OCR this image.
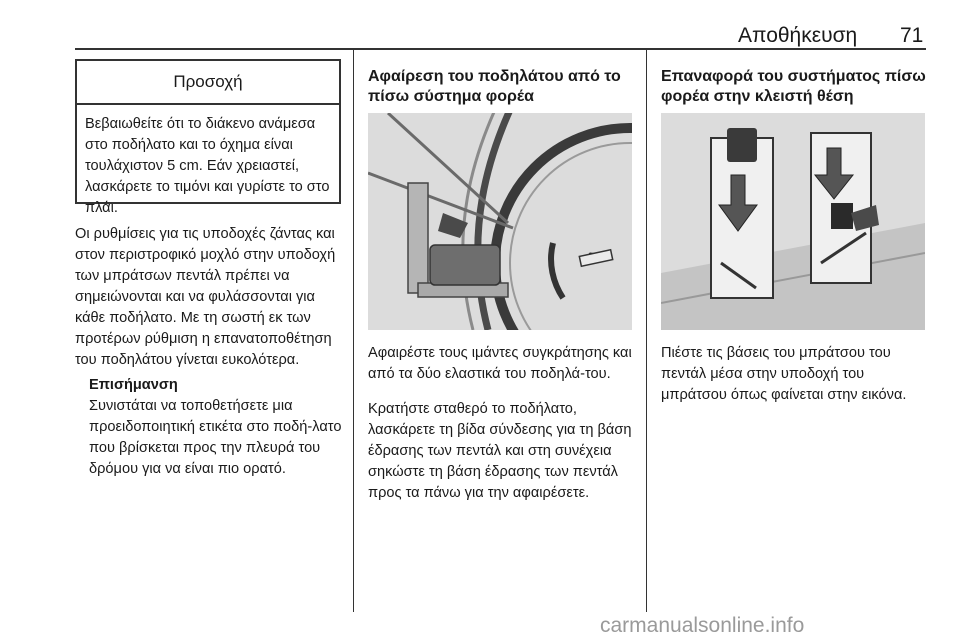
Αποθήκευση 71
Προσοχή
Βεβαιωθείτε ότι το διάκενο ανάμεσα στο ποδήλατο και το όχημα είναι τουλάχιστον 5 cm. Εάν χρειαστεί, λασκάρετε το τιμόνι και γυρίστε το στο πλάι.
Οι ρυθμίσεις για τις υποδοχές ζάντας και στον περιστροφικό μοχλό στην υποδοχή των μπράτσων πεντάλ πρέπει να σημειώνονται και να φυλάσσονται για κάθε ποδήλατο. Με τη σωστή εκ των προτέρων ρύθμιση η επανατοποθέτηση του ποδηλάτου γίνεται ευκολότερα.
Επισήμανση
Συνιστάται να τοποθετήσετε μια προειδοποιητική ετικέτα στο ποδή-λατο που βρίσκεται προς την πλευρά του δρόμου για να είναι πιο ορατό.
Αφαίρεση του ποδηλάτου από το πίσω σύστημα φορέα
Αφαιρέστε τους ιμάντες συγκράτησης και από τα δύο ελαστικά του ποδηλά-του.
Κρατήστε σταθερό το ποδήλατο, λασκάρετε τη βίδα σύνδεσης για τη βάση έδρασης των πεντάλ και στη συνέχεια σηκώστε τη βάση έδρασης των πεντάλ προς τα πάνω για την αφαιρέσετε.
Επαναφορά του συστήματος πίσω φορέα στην κλειστή θέση
Πιέστε τις βάσεις του μπράτσου του πεντάλ μέσα στην υποδοχή του μπράτσου όπως φαίνεται στην εικόνα.
carmanualsonline.info
